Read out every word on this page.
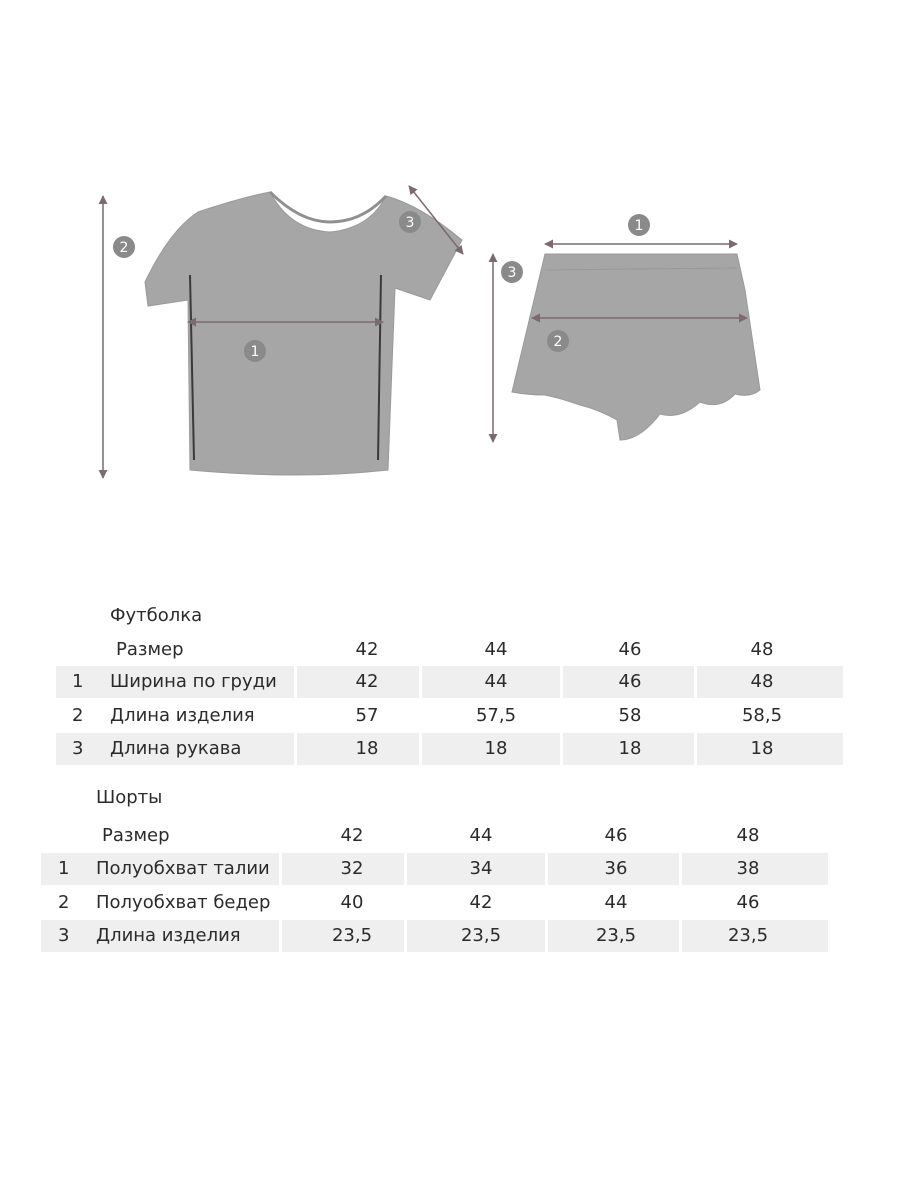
1
2
3	1
2
3
Футболка
Размер	42	44	46	48
1 Ширина по груди	42	44	46	48
2 Длина изделия	57	57,5	58	58,5
3 Длина рукава	18	18	18	18
Шорты
Размер	42	44	46	48
1 Полуобхват талии	32	34	36	38
2 Полуобхват бедер	40	42	44	46
3 Длина изделия	23,5	23,5	23,5	23,5
